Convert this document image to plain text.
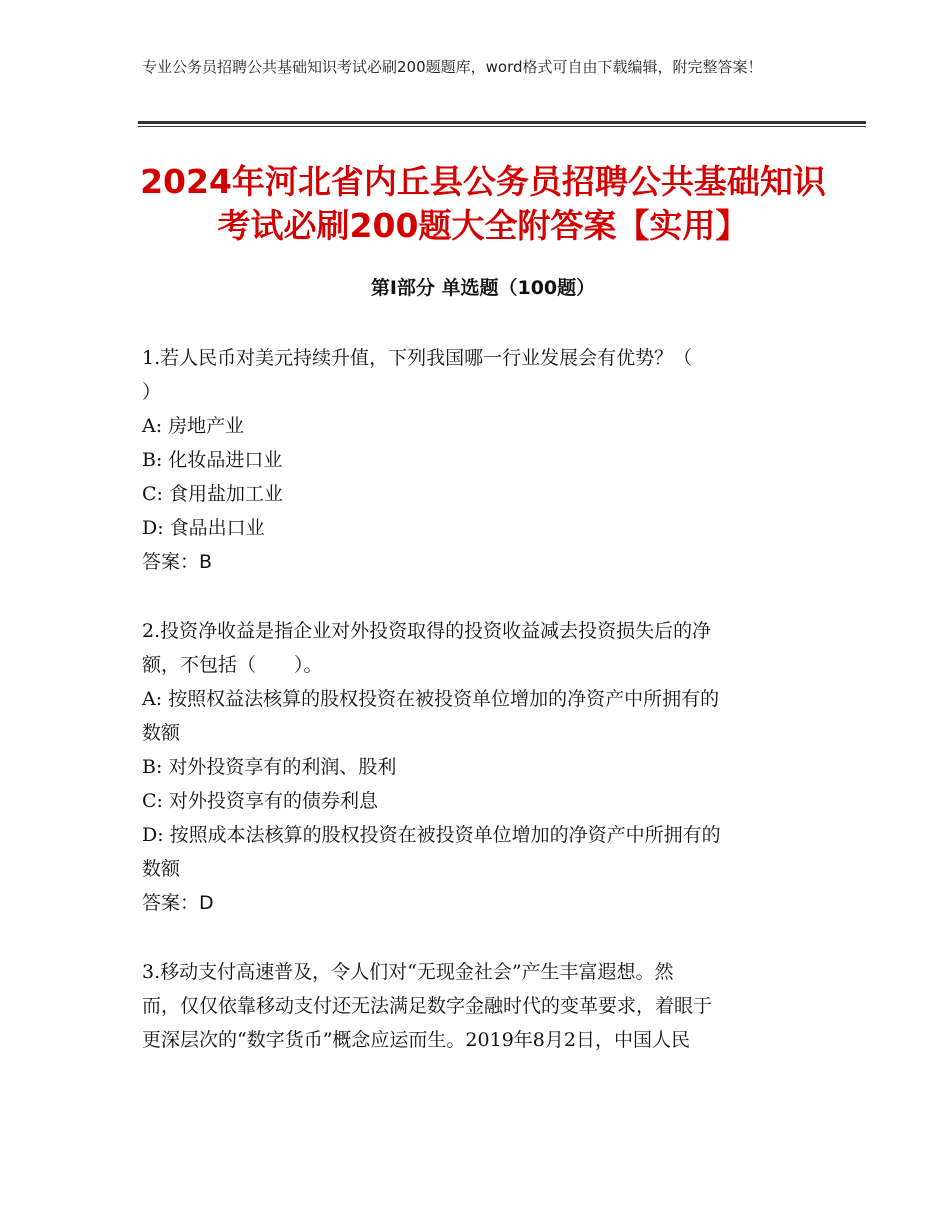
专业公务员招聘公共基础知识考试必刷200题题库，word格式可自由下载编辑，附完整答案！
2024年河北省内丘县公务员招聘公共基础知识考试必刷200题大全附答案【实用】
第Ⅰ部分 单选题（100题）
1.若人民币对美元持续升值，下列我国哪一行业发展会有优势？（
）
A: 房地产业
B: 化妆品进口业
C: 食用盐加工业
D: 食品出口业
答案：B
2.投资净收益是指企业对外投资取得的投资收益减去投资损失后的净
额，不包括（　　）。
A: 按照权益法核算的股权投资在被投资单位增加的净资产中所拥有的
数额
B: 对外投资享有的利润、股利
C: 对外投资享有的债券利息
D: 按照成本法核算的股权投资在被投资单位增加的净资产中所拥有的
数额
答案：D
3.移动支付高速普及，令人们对“无现金社会”产生丰富遐想。然
而，仅仅依靠移动支付还无法满足数字金融时代的变革要求，着眼于
更深层次的“数字货币”概念应运而生。2019年8月2日，中国人民
